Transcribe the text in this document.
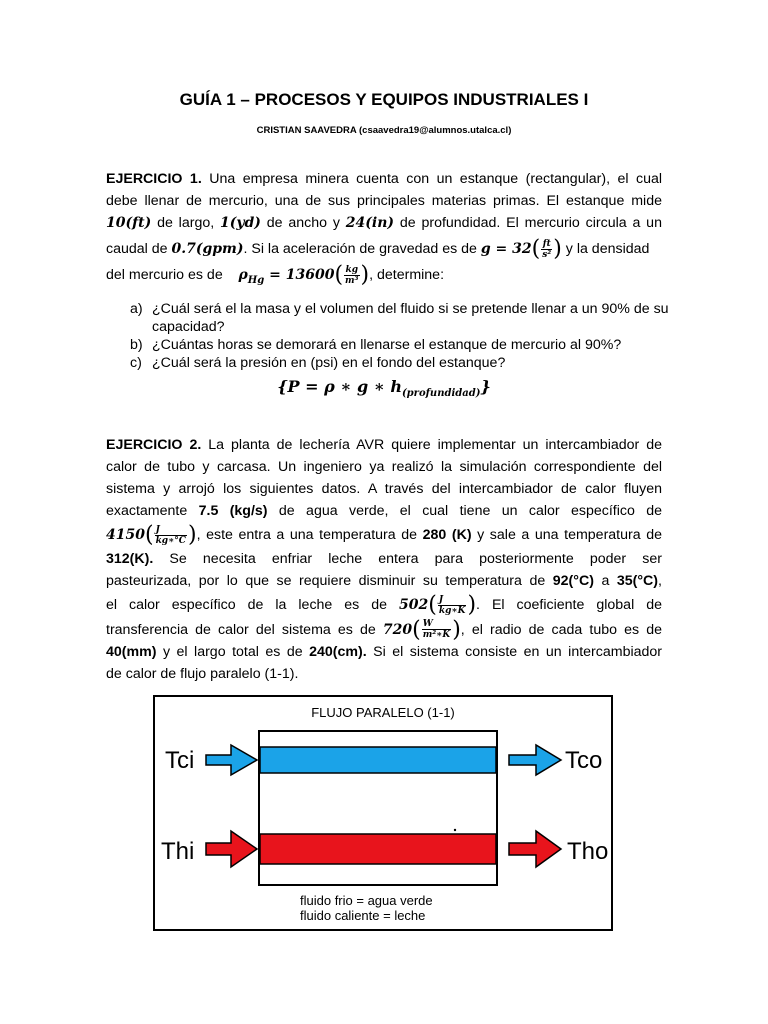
GUÍA 1 – PROCESOS Y EQUIPOS INDUSTRIALES I
CRISTIAN SAAVEDRA (csaavedra19@alumnos.utalca.cl)
EJERCICIO 1. Una empresa minera cuenta con un estanque (rectangular), el cual
debe llenar de mercurio, una de sus principales materias primas. El estanque mide
10(ft) de largo, 1(yd) de ancho y 24(in) de profundidad. El mercurio circula a un
caudal de 0.7(gpm). Si la aceleración de gravedad es de $g = 32( \frac{ft}{\text{s²}}$ ) y la densidad
del mercurio es de    $\rho_{Hg} = 13600( \frac{kg}{\text{m³}}$ ), determine:
a) ¿Cuál será el la masa y el volumen del fluido si se pretende llenar a un 90% de su capacidad?
b) ¿Cuántas horas se demorará en llenarse el estanque de mercurio al 90%?
c) ¿Cuál será la presión en (psi) en el fondo del estanque?
{P = ρ ∗ g ∗ $h_{(profundidad)}$}
EJERCICIO 2. La planta de lechería AVR quiere implementar un intercambiador de
calor de tubo y carcasa. Un ingeniero ya realizó la simulación correspondiente del
sistema y arrojó los siguientes datos. A través del intercambiador de calor fluyen
exactamente 7.5 (kg/s) de agua verde, el cual tiene un calor específico de
$4150( \frac{J}{kg∗^\circ C}$ ), este entra a una temperatura de 280 (K) y sale a una temperatura de
312(K). Se necesita enfriar leche entera para posteriormente poder ser
pasteurizada, por lo que se requiere disminuir su temperatura de 92(°C) a 35(°C),
el calor específico de la leche es de $502( \frac{J}{kg∗K}$ ). El coeficiente global de
transferencia de calor del sistema es de $720( \frac{W}{\text{m²∗K}}$ ), el radio de cada tubo es de
40(mm) y el largo total es de 240(cm). Si el sistema consiste en un intercambiador
de calor de flujo paralelo (1-1).
FLUJO PARALELO (1-1)
Tci	Tco
Thi	Tho
fluido frio = agua verde
fluido caliente = leche
